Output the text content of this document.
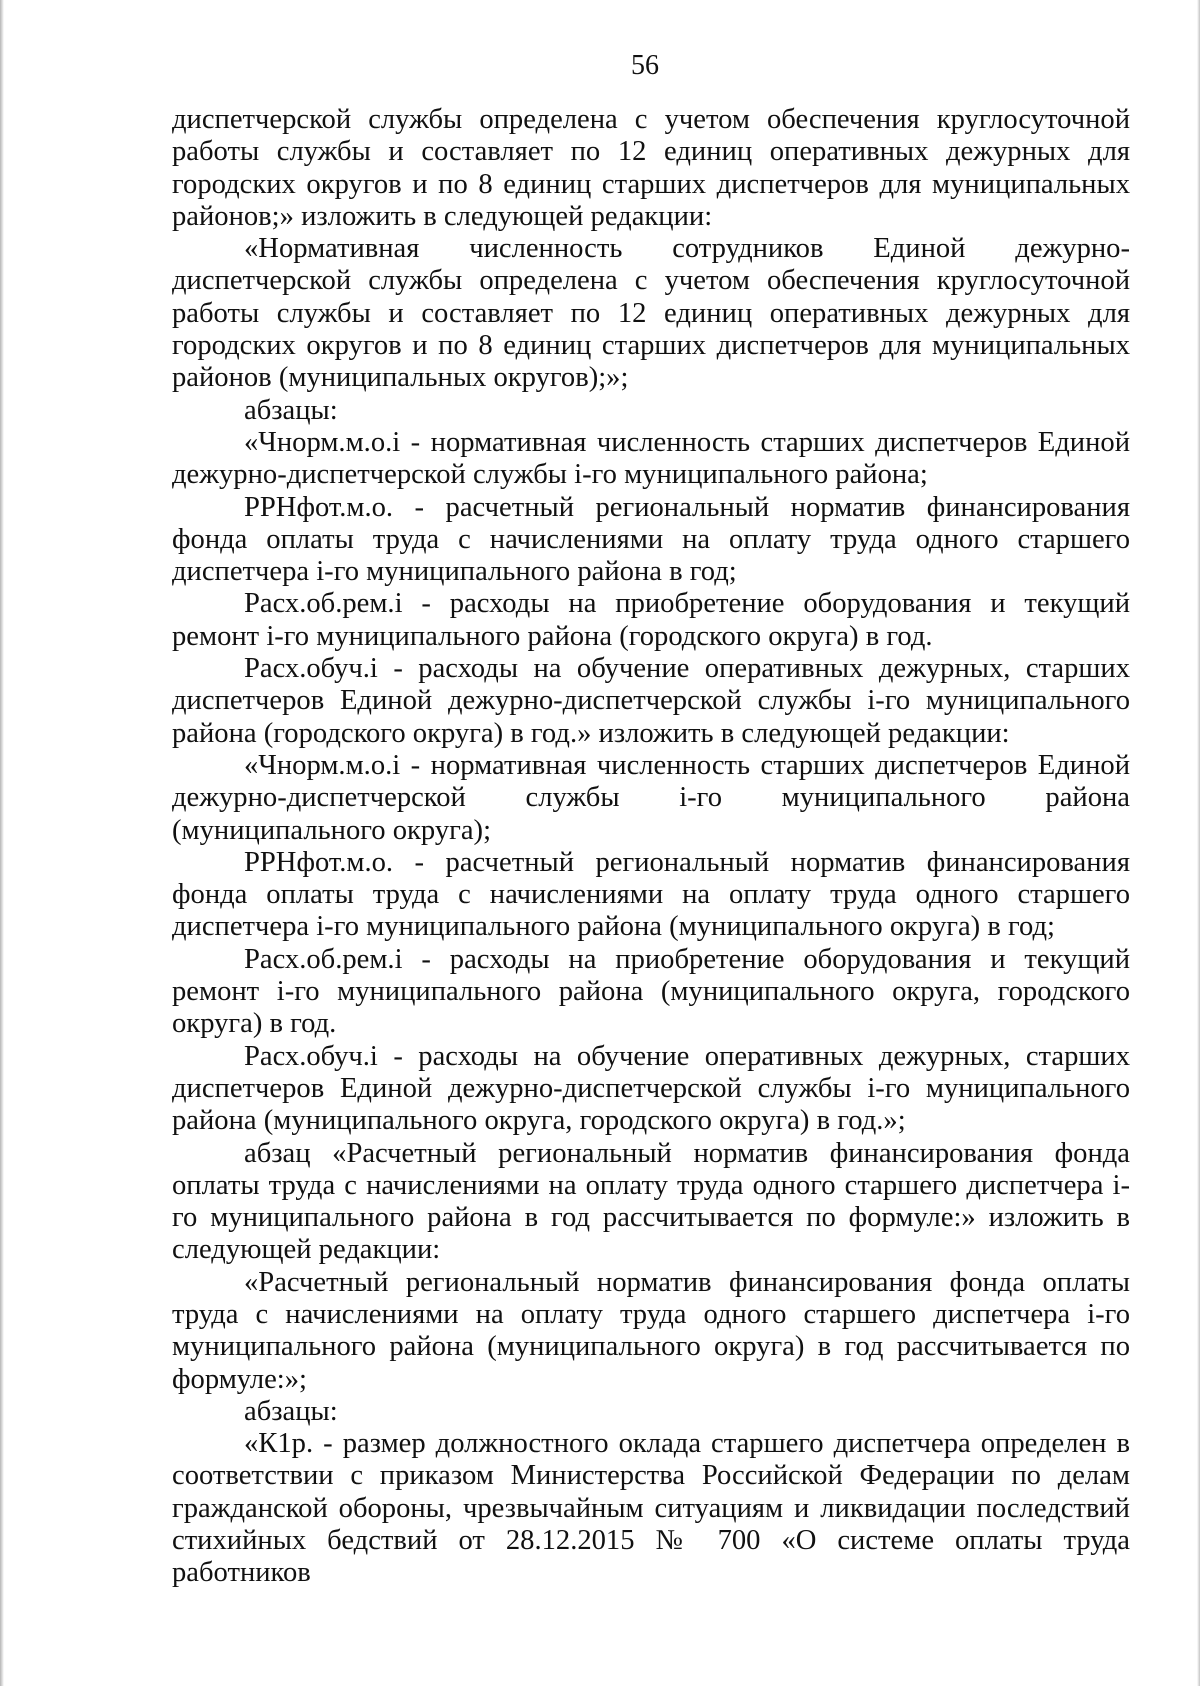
56

диспетчерской службы определена с учетом обеспечения круглосуточной работы службы и составляет по 12 единиц оперативных дежурных для городских округов и по 8 единиц старших диспетчеров для муниципальных районов;» изложить в следующей редакции:

«Нормативная численность сотрудников Единой дежурно-диспетчерской службы определена с учетом обеспечения круглосуточной работы службы и составляет по 12 единиц оперативных дежурных для городских округов и по 8 единиц старших диспетчеров для муниципальных районов (муниципальных округов);»;

абзацы:

«Чнорм.м.о.i - нормативная численность старших диспетчеров Единой дежурно-диспетчерской службы i-го муниципального района;

РРНфот.м.о. - расчетный региональный норматив финансирования фонда оплаты труда с начислениями на оплату труда одного старшего диспетчера i-го муниципального района в год;

Расх.об.рем.i - расходы на приобретение оборудования и текущий ремонт i-го муниципального района (городского округа) в год.

Расх.обуч.i - расходы на обучение оперативных дежурных, старших диспетчеров Единой дежурно-диспетчерской службы i-го муниципального района (городского округа) в год.» изложить в следующей редакции:

«Чнорм.м.о.i - нормативная численность старших диспетчеров Единой дежурно-диспетчерской службы i-го муниципального района (муниципального округа);

РРНфот.м.о. - расчетный региональный норматив финансирования фонда оплаты труда с начислениями на оплату труда одного старшего диспетчера i-го муниципального района (муниципального округа) в год;

Расх.об.рем.i - расходы на приобретение оборудования и текущий ремонт i-го муниципального района (муниципального округа, городского округа) в год.

Расх.обуч.i - расходы на обучение оперативных дежурных, старших диспетчеров Единой дежурно-диспетчерской службы i-го муниципального района (муниципального округа, городского округа) в год.»;

абзац «Расчетный региональный норматив финансирования фонда оплаты труда с начислениями на оплату труда одного старшего диспетчера i-го муниципального района в год рассчитывается по формуле:» изложить в следующей редакции:

«Расчетный региональный норматив финансирования фонда оплаты труда с начислениями на оплату труда одного старшего диспетчера i-го муниципального района (муниципального округа) в год рассчитывается по формуле:»;

абзацы:

«К1р. - размер должностного оклада старшего диспетчера определен в соответствии с приказом Министерства Российской Федерации по делам гражданской обороны, чрезвычайным ситуациям и ликвидации последствий стихийных бедствий от 28.12.2015 № 700 «О системе оплаты труда работников
